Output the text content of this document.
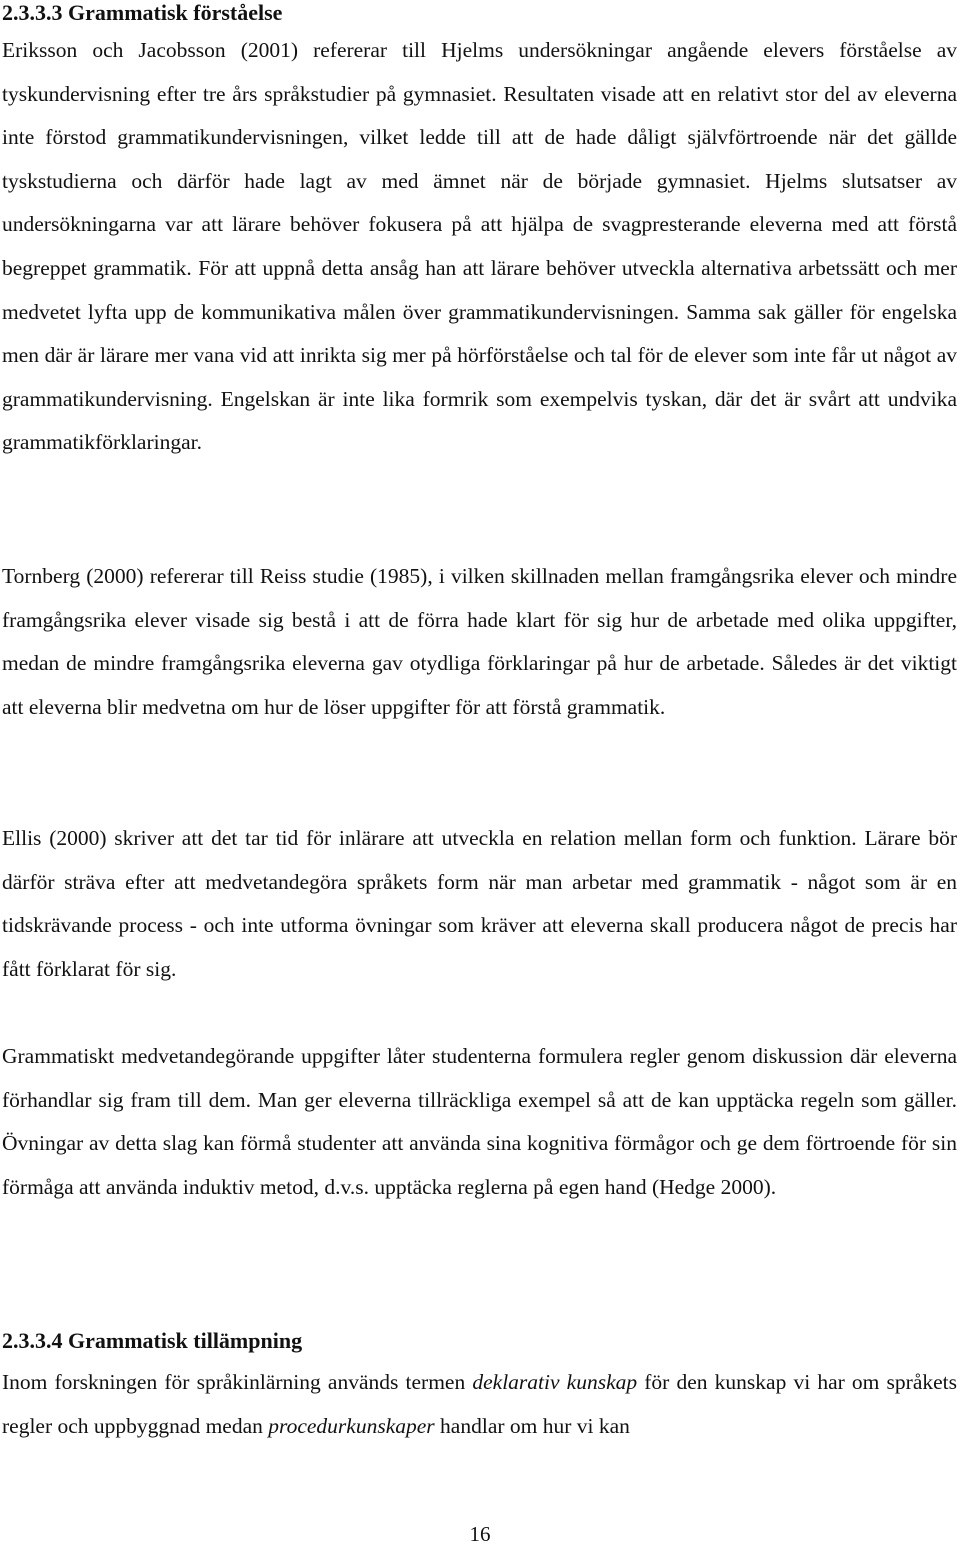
2.3.3.3 Grammatisk förståelse

Eriksson och Jacobsson (2001) refererar till Hjelms undersökningar angående elevers förståelse av tyskundervisning efter tre års språkstudier på gymnasiet. Resultaten visade att en relativt stor del av eleverna inte förstod grammatikundervisningen, vilket ledde till att de hade dåligt självförtroende när det gällde tyskstudierna och därför hade lagt av med ämnet när de började gymnasiet. Hjelms slutsatser av undersökningarna var att lärare behöver fokusera på att hjälpa de svagpresterande eleverna med att förstå begreppet grammatik. För att uppnå detta ansåg han att lärare behöver utveckla alternativa arbetssätt och mer medvetet lyfta upp de kommunikativa målen över grammatikundervisningen. Samma sak gäller för engelska men där är lärare mer vana vid att inrikta sig mer på hörförståelse och tal för de elever som inte får ut något av grammatikundervisning. Engelskan är inte lika formrik som exempelvis tyskan, där det är svårt att undvika grammatikförklaringar.

Tornberg (2000) refererar till Reiss studie (1985), i vilken skillnaden mellan framgångsrika elever och mindre framgångsrika elever visade sig bestå i att de förra hade klart för sig hur de arbetade med olika uppgifter, medan de mindre framgångsrika eleverna gav otydliga förklaringar på hur de arbetade. Således är det viktigt att eleverna blir medvetna om hur de löser uppgifter för att förstå grammatik.

Ellis (2000) skriver att det tar tid för inlärare att utveckla en relation mellan form och funktion. Lärare bör därför sträva efter att medvetandegöra språkets form när man arbetar med grammatik - något som är en tidskrävande process - och inte utforma övningar som kräver att eleverna skall producera något de precis har fått förklarat för sig.

Grammatiskt medvetandegörande uppgifter låter studenterna formulera regler genom diskussion där eleverna förhandlar sig fram till dem. Man ger eleverna tillräckliga exempel så att de kan upptäcka regeln som gäller. Övningar av detta slag kan förmå studenter att använda sina kognitiva förmågor och ge dem förtroende för sin förmåga att använda induktiv metod, d.v.s. upptäcka reglerna på egen hand (Hedge 2000).

2.3.3.4 Grammatisk tillämpning

Inom forskningen för språkinlärning används termen deklarativ kunskap för den kunskap vi har om språkets regler och uppbyggnad medan procedurkunskaper handlar om hur vi kan

16
